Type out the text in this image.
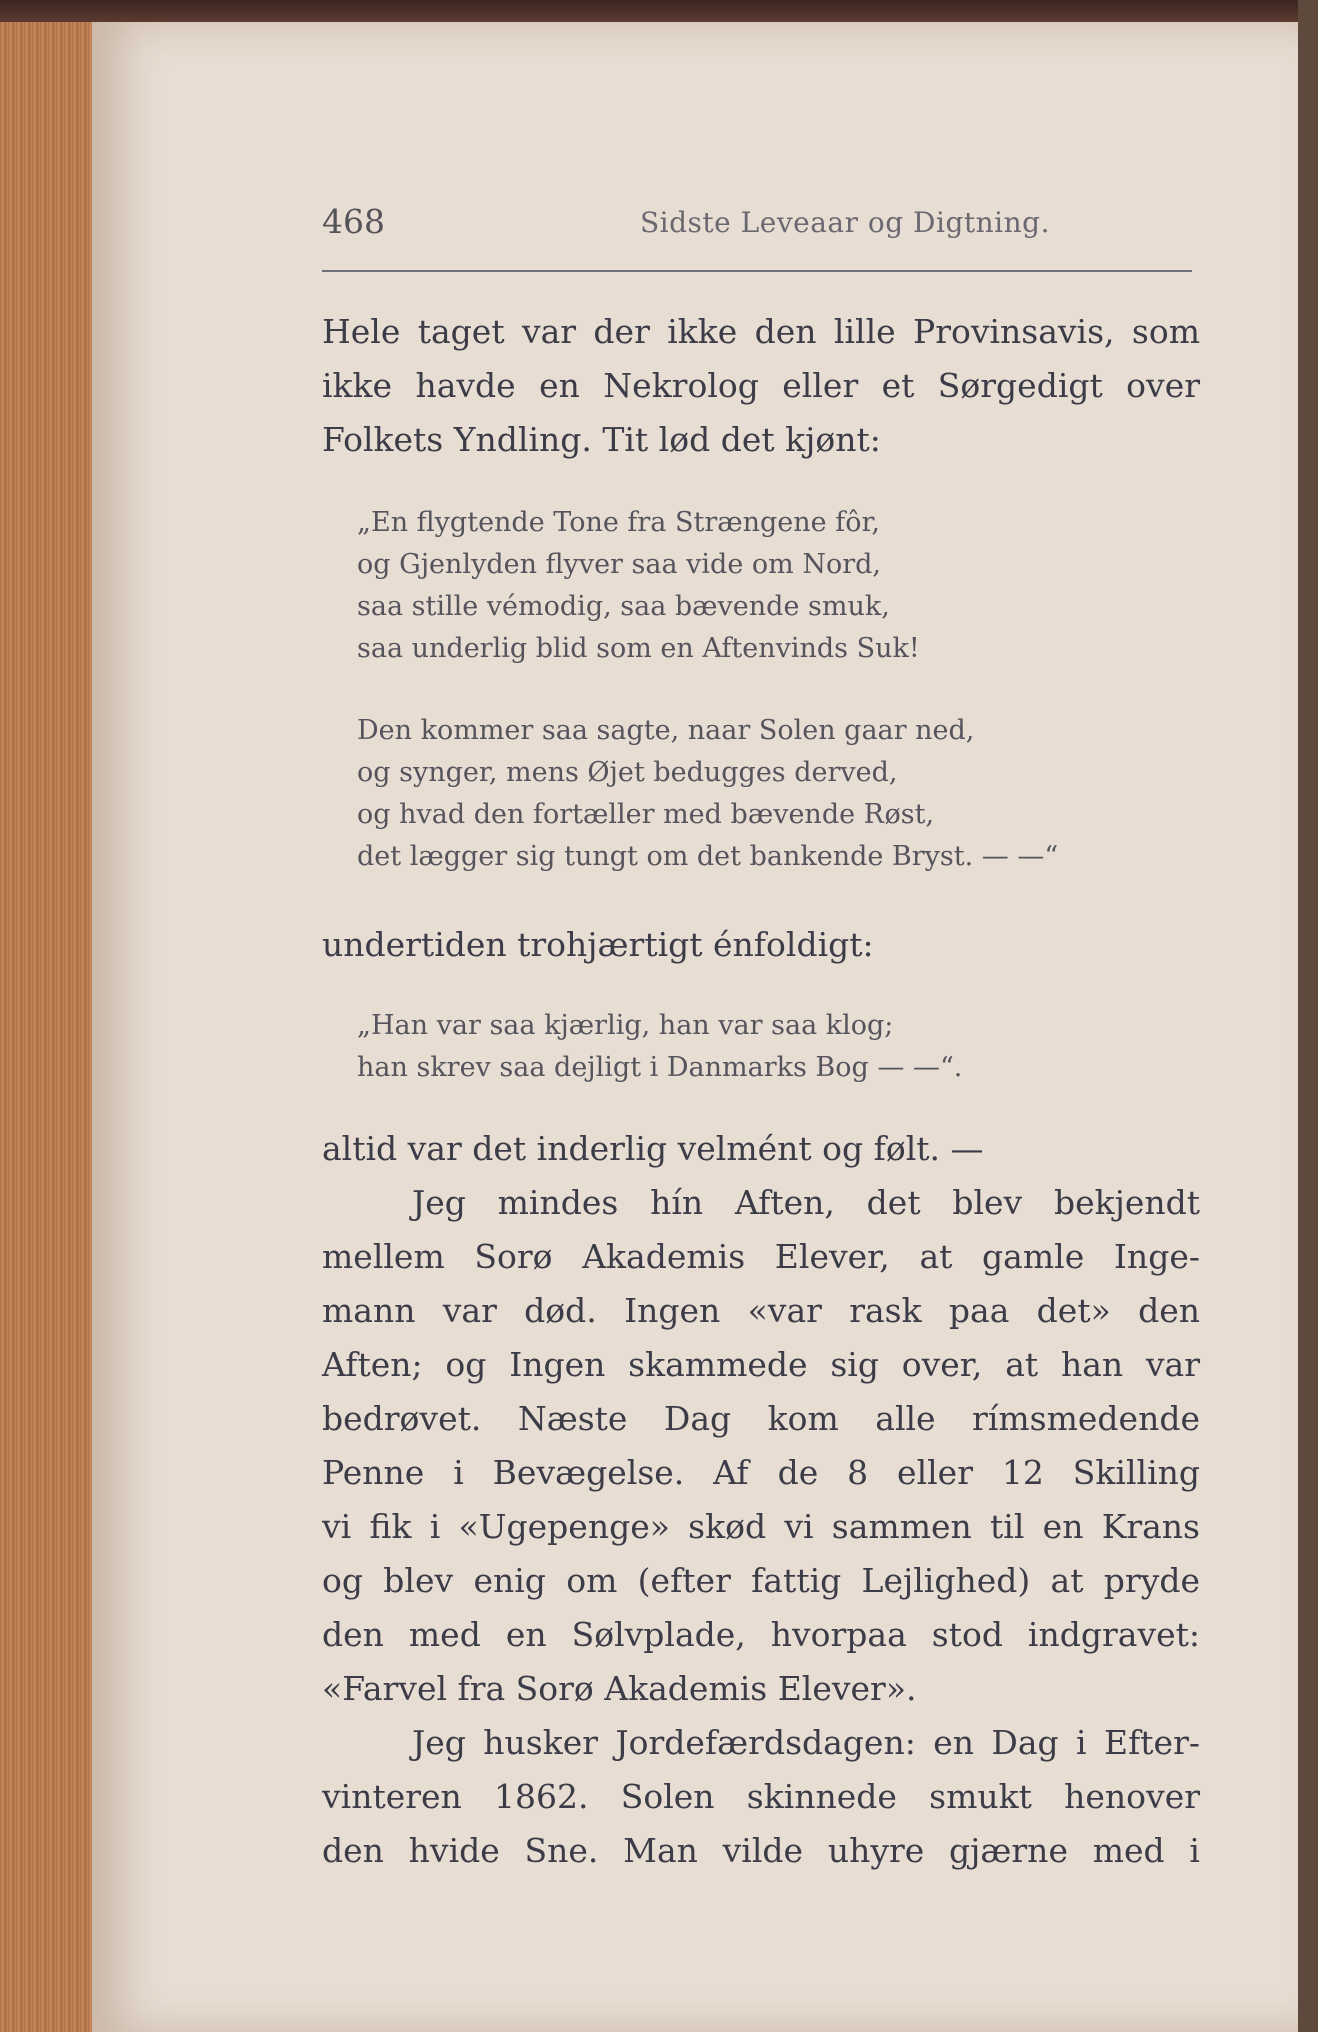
468	Sidste Leveaar og Digtning.
Hele taget var der ikke den lille Provinsavis, som
ikke havde en Nekrolog eller et Sørgedigt over
Folkets Yndling. Tit lød det kjønt:
„En flygtende Tone fra Strængene fôr,
og Gjenlyden flyver saa vide om Nord,
saa stille vémodig, saa bævende smuk,
saa underlig blid som en Aftenvinds Suk!
Den kommer saa sagte, naar Solen gaar ned,
og synger, mens Øjet bedugges derved,
og hvad den fortæller med bævende Røst,
det lægger sig tungt om det bankende Bryst. — —“
undertiden trohjærtigt énfoldigt:
„Han var saa kjærlig, han var saa klog;
han skrev saa dejligt i Danmarks Bog — —“.
altid var det inderlig velmént og følt. —
Jeg mindes hín Aften, det blev bekjendt
mellem Sorø Akademis Elever, at gamle Inge-
mann var død. Ingen «var rask paa det» den
Aften; og Ingen skammede sig over, at han var
bedrøvet. Næste Dag kom alle rímsmedende
Penne i Bevægelse. Af de 8 eller 12 Skilling
vi fik i «Ugepenge» skød vi sammen til en Krans
og blev enig om (efter fattig Lejlighed) at pryde
den med en Sølvplade, hvorpaa stod indgravet:
«Farvel fra Sorø Akademis Elever».
Jeg husker Jordefærdsdagen: en Dag i Efter-
vinteren 1862. Solen skinnede smukt henover
den hvide Sne. Man vilde uhyre gjærne med i
